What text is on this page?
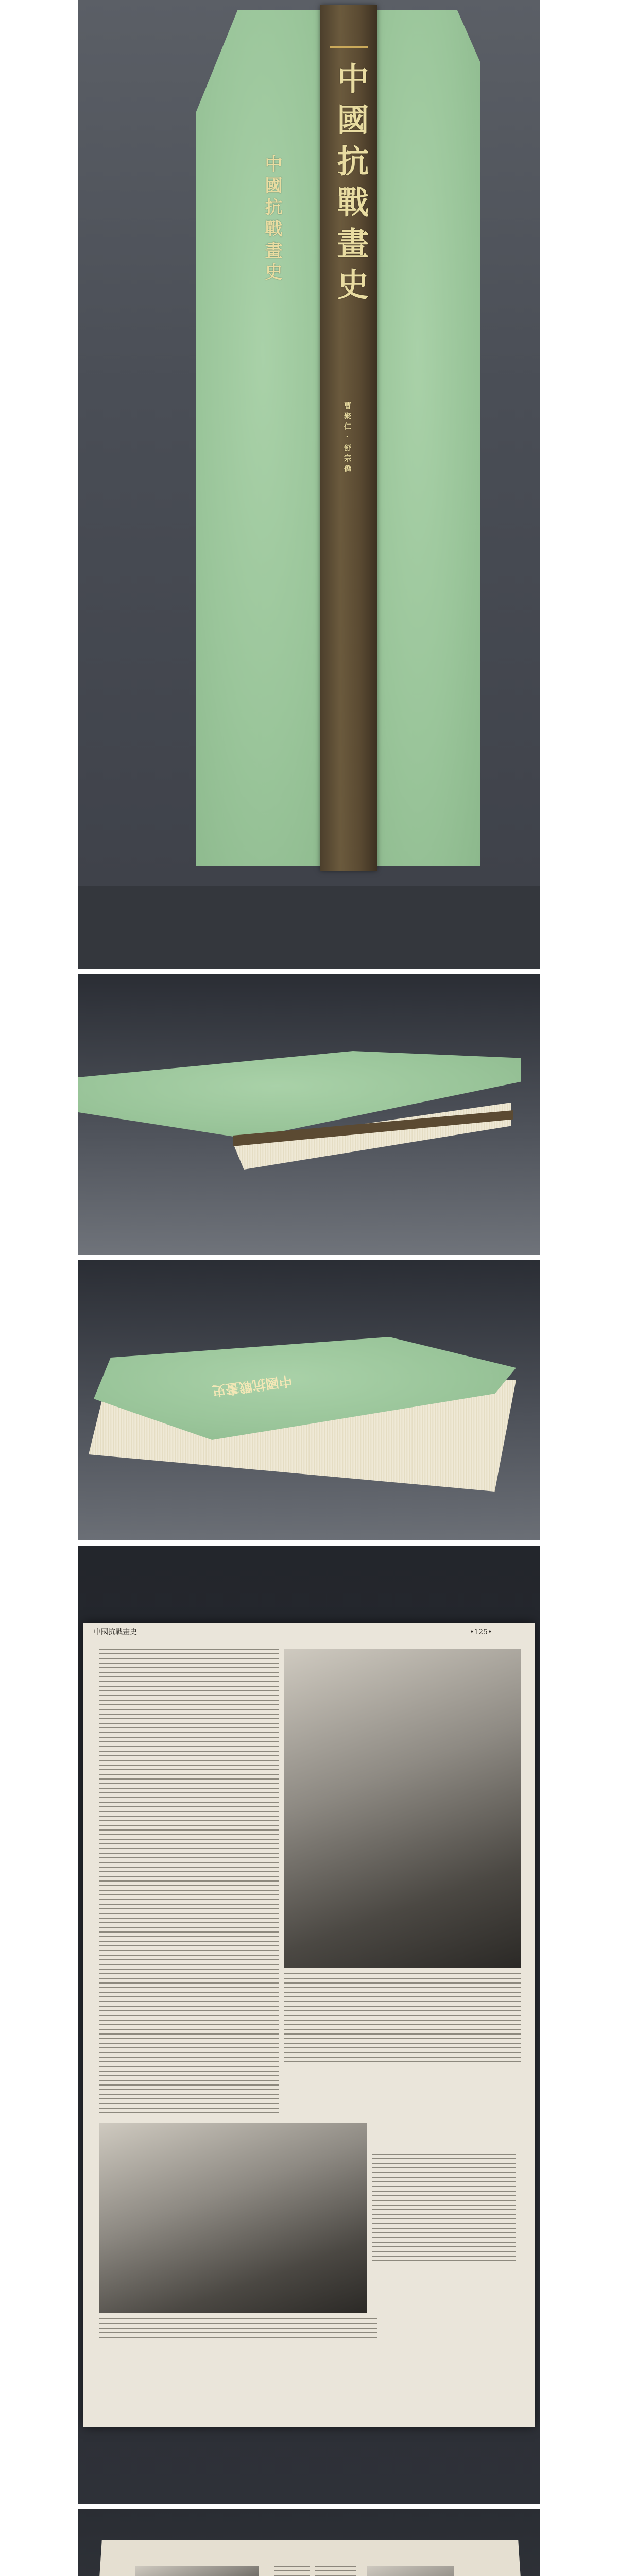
中國抗戰畫史
曹聚仁·舒宗僑
中國抗戰畫史
中國抗戰畫史
中國抗戰畫史	•125•
